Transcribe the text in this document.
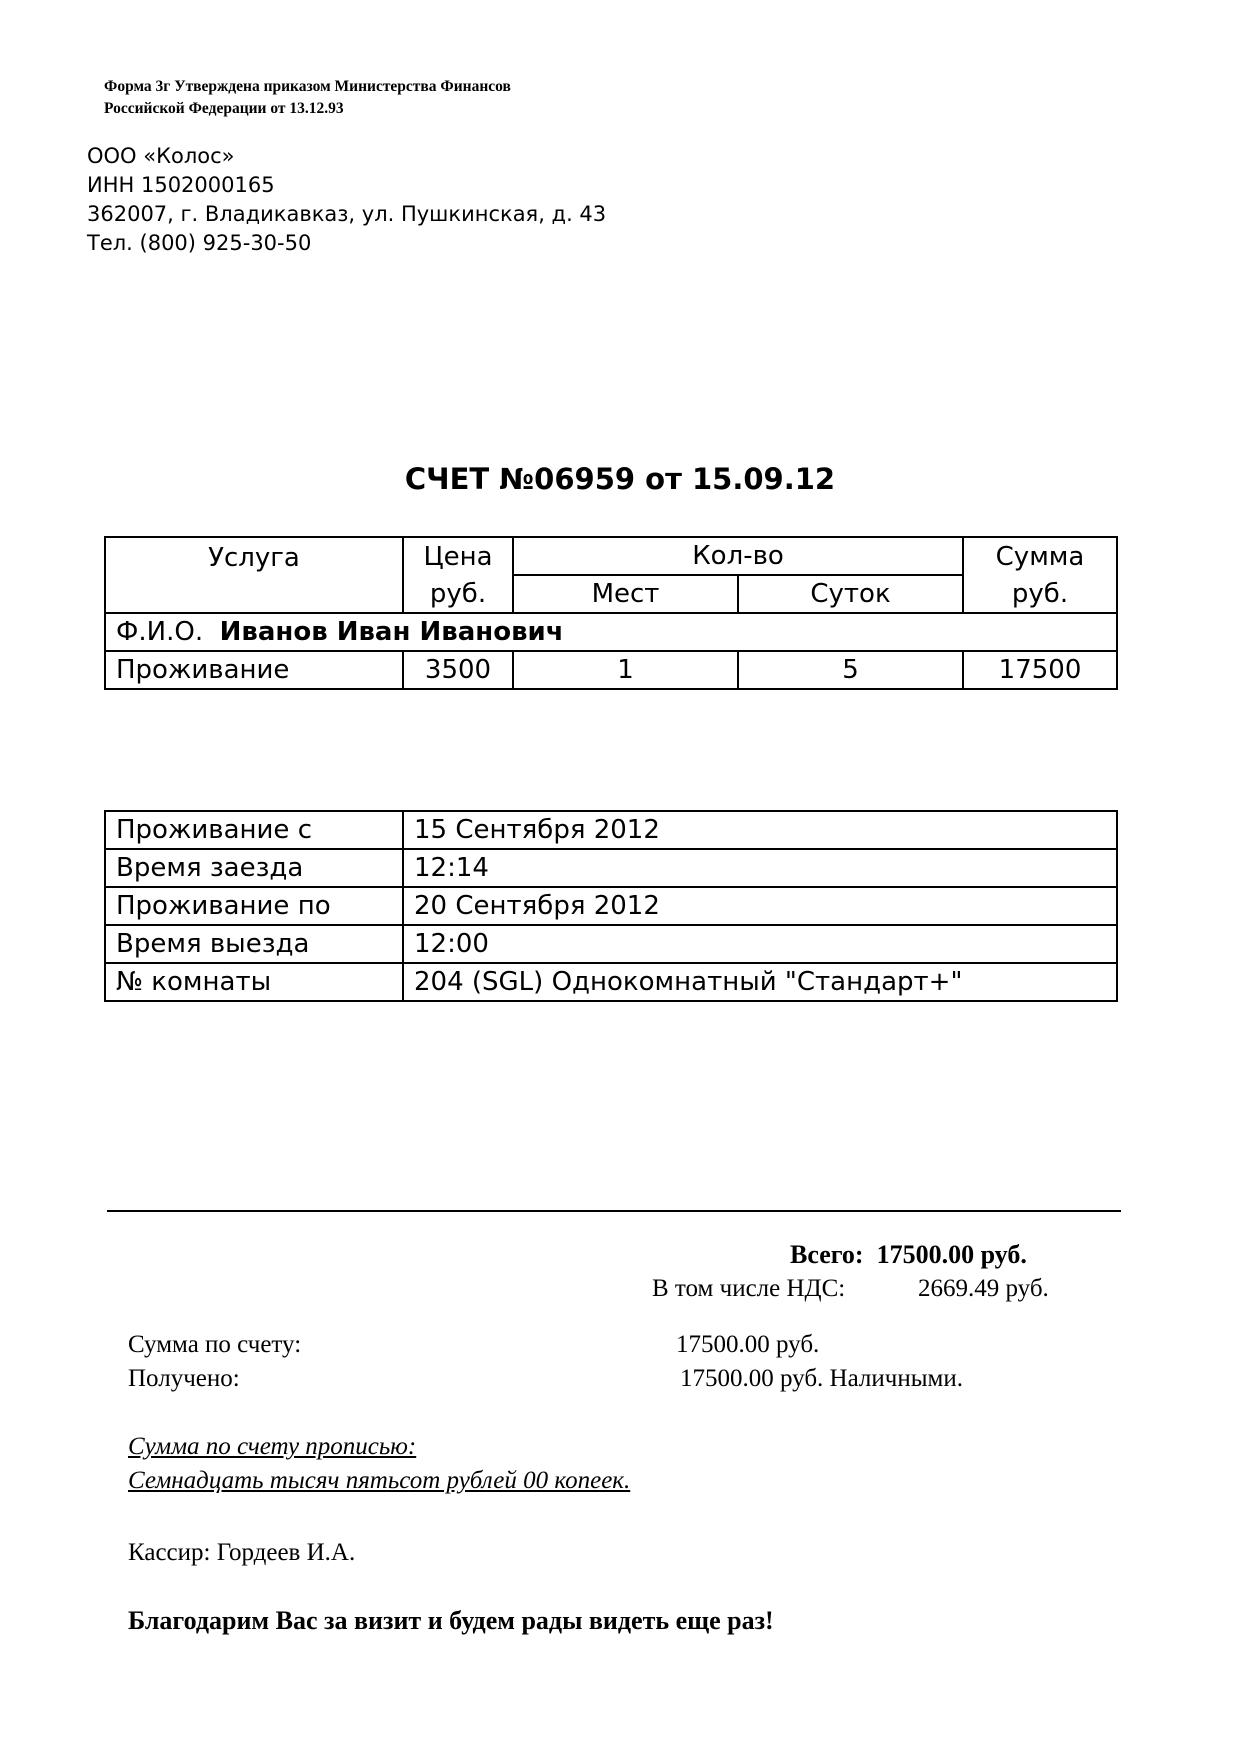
Форма 3г Утверждена приказом Министерства Финансов
Российской Федерации от 13.12.93
ООО «Колос»
ИНН 1502000165
362007, г. Владикавказ, ул. Пушкинская, д. 43
Тел. (800) 925-30-50
СЧЕТ №06959 от 15.09.12
Услуга	Цена	Кол-во		Сумма
	руб.	Мест	Суток	руб.
Ф.И.О. Иванов Иван Иванович				
Проживание	3500	1	5	17500
Проживание с	15 Сентября 2012
Время заезда	12:14
Проживание по	20 Сентября 2012
Время выезда	12:00
№ комнаты	204 (SGL) Однокомнатный "Стандарт+"
Всего: 17500.00 руб.
В том числе НДС:	2669.49 руб.
Сумма по счету:	17500.00 руб.
Получено:	17500.00 руб. Наличными.
Сумма по счету прописью:
Семнадцать тысяч пятьсот рублей 00 копеек.
Кассир: Гордеев И.А.
Благодарим Вас за визит и будем рады видеть еще раз!
